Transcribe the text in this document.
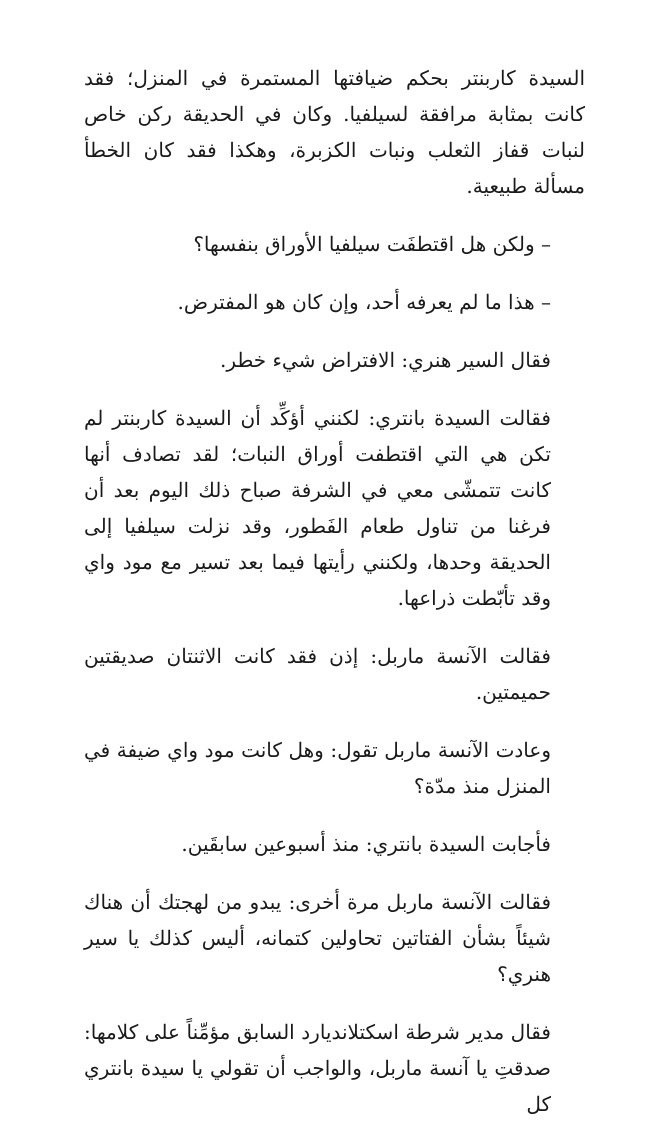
السيدة كاربنتر بحكم ضيافتها المستمرة في المنزل؛ فقد كانت بمثابة مرافقة لسيلفيا. وكان في الحديقة ركن خاص لنبات قفاز الثعلب ونبات الكزبرة، وهكذا فقد كان الخطأ مسألة طبيعية.

– ولكن هل اقتطفَت سيلفيا الأوراق بنفسها؟

– هذا ما لم يعرفه أحد، وإن كان هو المفترض.

فقال السير هنري: الافتراض شيء خطر.

فقالت السيدة بانتري: لكنني أؤكِّد أن السيدة كاربنتر لم تكن هي التي اقتطفت أوراق النبات؛ لقد تصادف أنها كانت تتمشّى معي في الشرفة صباح ذلك اليوم بعد أن فرغنا من تناول طعام الفَطور، وقد نزلت سيلفيا إلى الحديقة وحدها، ولكنني رأيتها فيما بعد تسير مع مود واي وقد تأبّطت ذراعها.

فقالت الآنسة ماربل: إذن فقد كانت الاثنتان صديقتين حميمتين.

وعادت الآنسة ماربل تقول: وهل كانت مود واي ضيفة في المنزل منذ مدّة؟

فأجابت السيدة بانتري: منذ أسبوعين سابقَين.

فقالت الآنسة ماربل مرة أخرى: يبدو من لهجتك أن هناك شيئاً بشأن الفتاتين تحاولين كتمانه، أليس كذلك يا سير هنري؟

فقال مدير شرطة اسكتلانديارد السابق مؤمِّناً على كلامها: صدقتِ يا آنسة ماربل، والواجب أن تقولي يا سيدة بانتري كل
